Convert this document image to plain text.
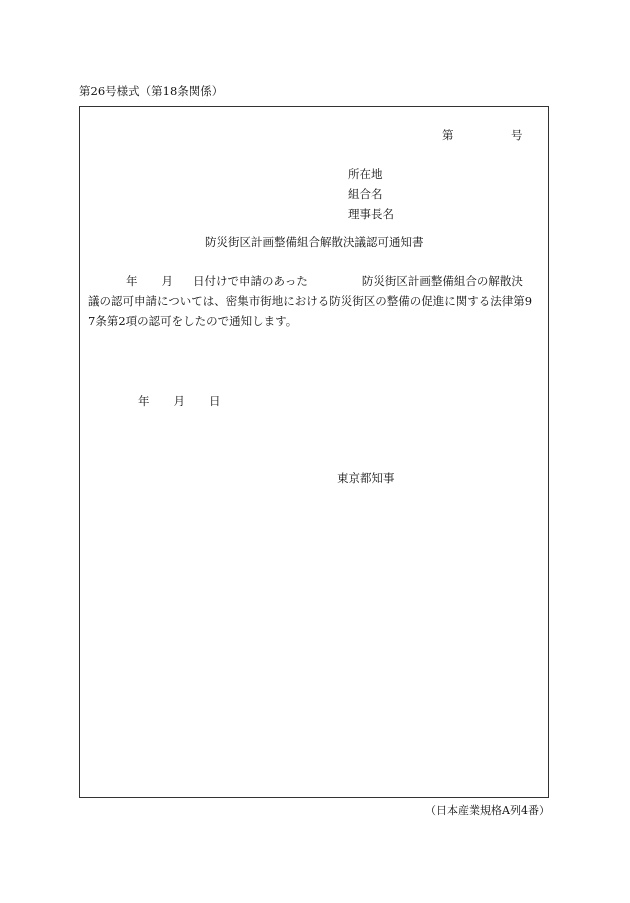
第26号様式（第18条関係）
第	号
所在地
組合名
理事長名
防災街区計画整備組合解散決議認可通知書
年 月 日付けで申請のあった	防災街区計画整備組合の解散決
議の認可申請については、密集市街地における防災街区の整備の促進に関する法律第9
7条第2項の認可をしたので通知します。
年 月 日
東京都知事
（日本産業規格A列4番）
